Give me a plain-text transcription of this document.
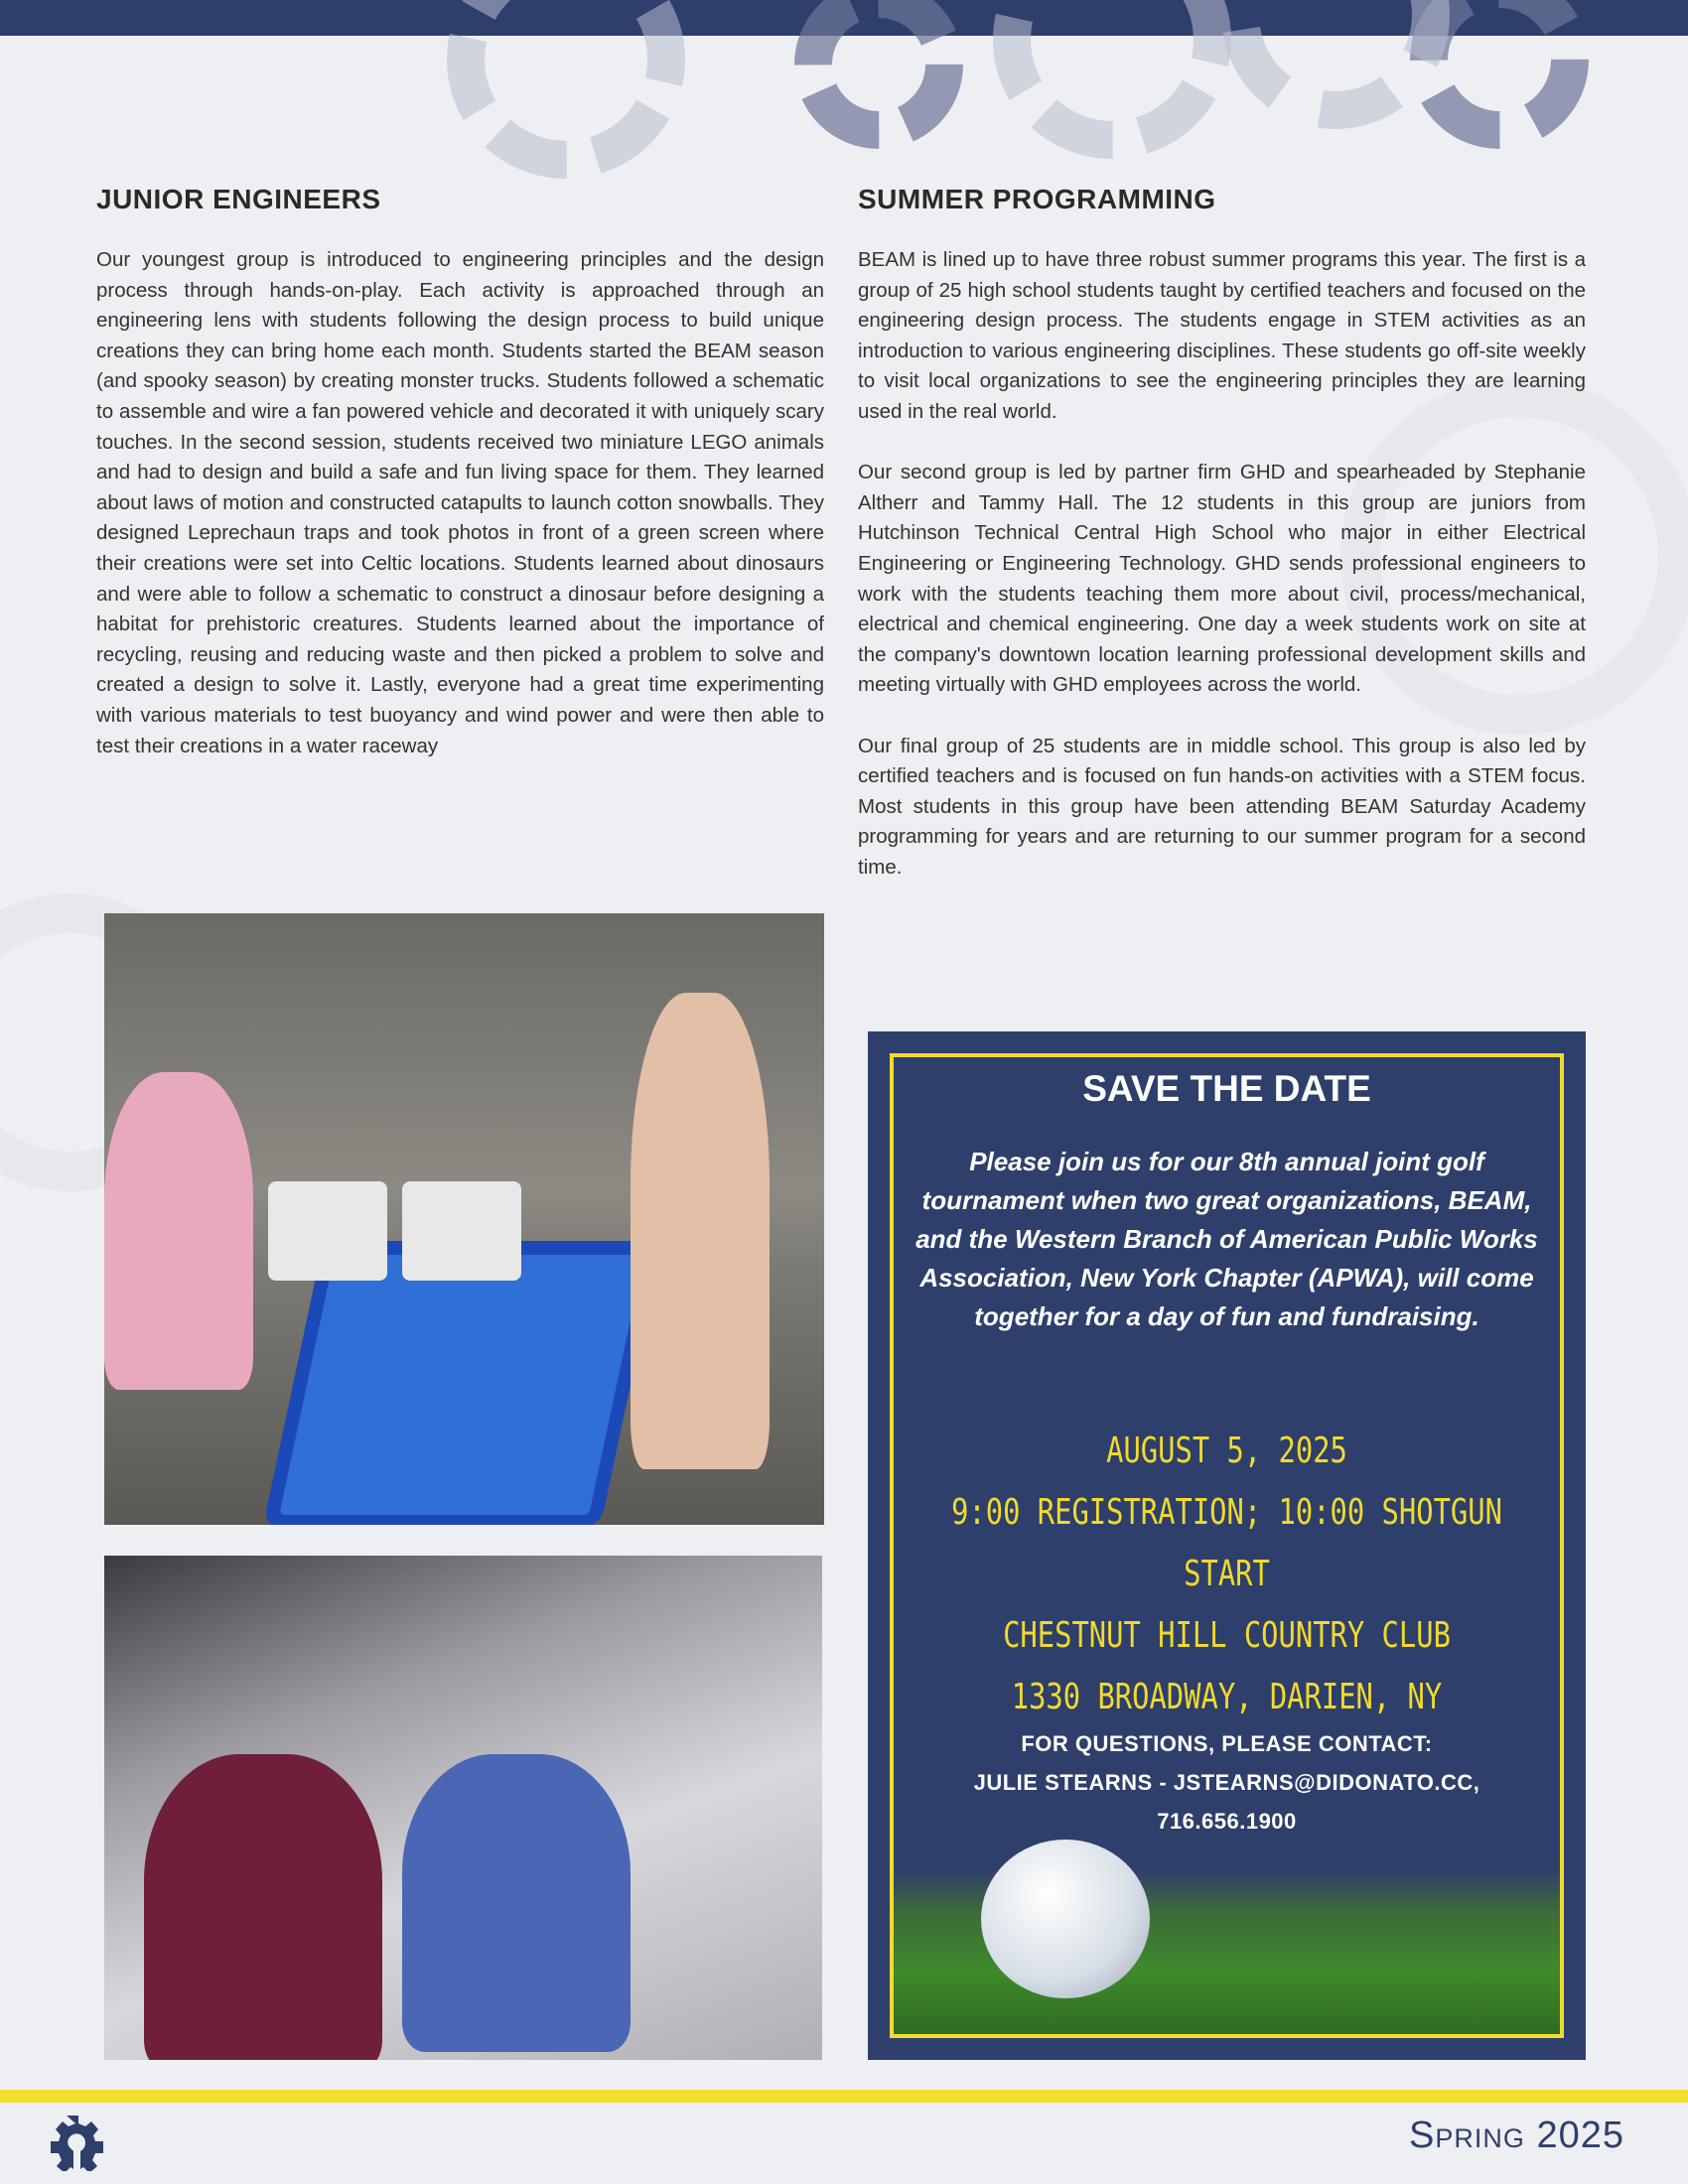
JUNIOR ENGINEERS

Our youngest group is introduced to engineering principles and the design process through hands-on-play. Each activity is approached through an engineering lens with students following the design process to build unique creations they can bring home each month. Students started the BEAM season (and spooky season) by creating monster trucks. Students followed a schematic to assemble and wire a fan powered vehicle and decorated it with uniquely scary touches. In the second session, students received two miniature LEGO animals and had to design and build a safe and fun living space for them. They learned about laws of motion and constructed catapults to launch cotton snowballs. They designed Leprechaun traps and took photos in front of a green screen where their creations were set into Celtic locations. Students learned about dinosaurs and were able to follow a schematic to construct a dinosaur before designing a habitat for prehistoric creatures. Students learned about the importance of recycling, reusing and reducing waste and then picked a problem to solve and created a design to solve it. Lastly, everyone had a great time experimenting with various materials to test buoyancy and wind power and were then able to test their creations in a water raceway

SUMMER PROGRAMMING

BEAM is lined up to have three robust summer programs this year. The first is a group of 25 high school students taught by certified teachers and focused on the engineering design process. The students engage in STEM activities as an introduction to various engineering disciplines. These students go off-site weekly to visit local organizations to see the engineering principles they are learning used in the real world.

Our second group is led by partner firm GHD and spearheaded by Stephanie Altherr and Tammy Hall. The 12 students in this group are juniors from Hutchinson Technical Central High School who major in either Electrical Engineering or Engineering Technology. GHD sends professional engineers to work with the students teaching them more about civil, process/mechanical, electrical and chemical engineering. One day a week students work on site at the company's downtown location learning professional development skills and meeting virtually with GHD employees across the world.

Our final group of 25 students are in middle school. This group is also led by certified teachers and is focused on fun hands-on activities with a STEM focus. Most students in this group have been attending BEAM Saturday Academy programming for years and are returning to our summer program for a second time.

SAVE THE DATE
Please join us for our 8th annual joint golf tournament when two great organizations, BEAM, and the Western Branch of American Public Works Association, New York Chapter (APWA), will come together for a day of fun and fundraising.
AUGUST 5, 2025
9:00 REGISTRATION; 10:00 SHOTGUN START
CHESTNUT HILL COUNTRY CLUB
1330 BROADWAY, DARIEN, NY
FOR QUESTIONS, PLEASE CONTACT:
JULIE STEARNS - JSTEARNS@DIDONATO.CC,
716.656.1900
Spring 2025
